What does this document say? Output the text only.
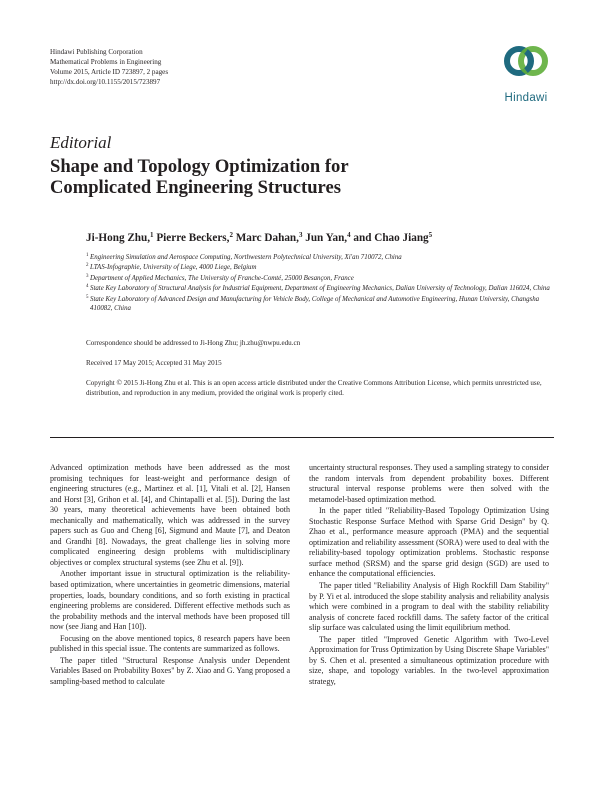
Hindawi Publishing Corporation
Mathematical Problems in Engineering
Volume 2015, Article ID 723897, 2 pages
http://dx.doi.org/10.1155/2015/723897
Hindawi
Editorial
Shape and Topology Optimization for
Complicated Engineering Structures
Ji-Hong Zhu,$^1$ Pierre Beckers,$^2$ Marc Dahan,$^3$ Jun Yan,$^4$ and Chao Jiang$^5$
1 Engineering Simulation and Aerospace Computing, Northwestern Polytechnical University, Xi'an 710072, China
2 LTAS-Infographie, University of Liege, 4000 Liege, Belgium
3 Department of Applied Mechanics, The University of Franche-Comté, 25000 Besançon, France
4 State Key Laboratory of Structural Analysis for Industrial Equipment, Department of Engineering Mechanics, Dalian University of Technology, Dalian 116024, China
5 State Key Laboratory of Advanced Design and Manufacturing for Vehicle Body, College of Mechanical and Automotive Engineering, Hunan University, Changsha 410082, China
Correspondence should be addressed to Ji-Hong Zhu; jh.zhu@nwpu.edu.cn
Received 17 May 2015; Accepted 31 May 2015
Copyright © 2015 Ji-Hong Zhu et al. This is an open access article distributed under the Creative Commons Attribution License, which permits unrestricted use, distribution, and reproduction in any medium, provided the original work is properly cited.

Advanced optimization methods have been addressed as the most promising techniques for least-weight and performance design of engineering structures (e.g., Martinez et al. [1], Vitali et al. [2], Hansen and Horst [3], Grihon et al. [4], and Chintapalli et al. [5]). During the last 30 years, many theoretical achievements have been obtained both mechanically and mathematically, which was addressed in the survey papers such as Guo and Cheng [6], Sigmund and Maute [7], and Deaton and Grandhi [8]. Nowadays, the great challenge lies in solving more complicated engineering design problems with multidisciplinary objectives or complex structural systems (see Zhu et al. [9]).

Another important issue in structural optimization is the reliability-based optimization, where uncertainties in geometric dimensions, material properties, loads, boundary conditions, and so forth existing in practical engineering problems are considered. Different effective methods such as the probability methods and the interval methods have been proposed till now (see Jiang and Han [10]).

Focusing on the above mentioned topics, 8 research papers have been published in this special issue. The contents are summarized as follows.

The paper titled "Structural Response Analysis under Dependent Variables Based on Probability Boxes" by Z. Xiao and G. Yang proposed a sampling-based method to calculate

uncertainty structural responses. They used a sampling strategy to consider the random intervals from dependent probability boxes. Different structural interval response problems were then solved with the metamodel-based optimization method.

In the paper titled "Reliability-Based Topology Optimization Using Stochastic Response Surface Method with Sparse Grid Design" by Q. Zhao et al., performance measure approach (PMA) and the sequential optimization and reliability assessment (SORA) were used to deal with the reliability-based topology optimization problems. Stochastic response surface method (SRSM) and the sparse grid design (SGD) are used to enhance the computational efficiencies.

The paper titled "Reliability Analysis of High Rockfill Dam Stability" by P. Yi et al. introduced the slope stability analysis and reliability analysis which were combined in a program to deal with the stability reliability analysis of concrete faced rockfill dams. The safety factor of the critical slip surface was calculated using the limit equilibrium method.

The paper titled "Improved Genetic Algorithm with Two-Level Approximation for Truss Optimization by Using Discrete Shape Variables" by S. Chen et al. presented a simultaneous optimization procedure with size, shape, and topology variables. In the two-level approximation strategy,
